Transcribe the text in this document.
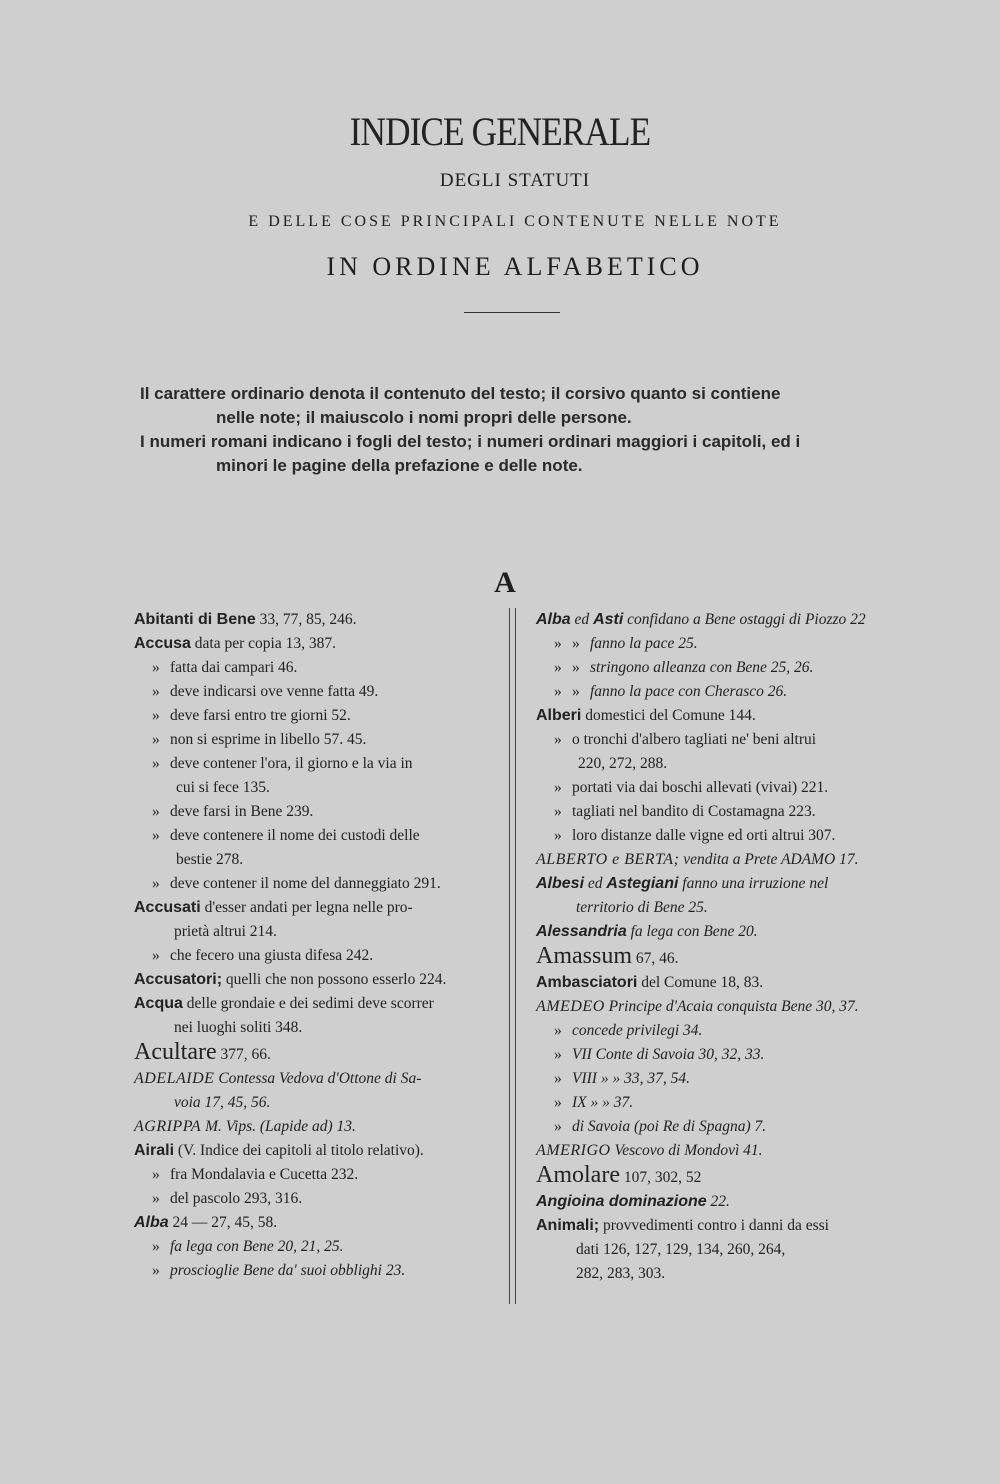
INDICE GENERALE
DEGLI STATUTI
E DELLE COSE PRINCIPALI CONTENUTE NELLE NOTE
IN ORDINE ALFABETICO

Il carattere ordinario denota il contenuto del testo; il corsivo quanto si contiene
nelle note; il maiuscolo i nomi propri delle persone.

I numeri romani indicano i fogli del testo; i numeri ordinari maggiori i capitoli, ed i
minori le pagine della prefazione e delle note.

A
Abitanti di Bene 33, 77, 85, 246.
Accusa data per copia 13, 387.
» fatta dai campari 46.
» deve indicarsi ove venne fatta 49.
» deve farsi entro tre giorni 52.
» non si esprime in libello 57. 45.
» deve contener l'ora, il giorno e la via in
cui si fece 135.
» deve farsi in Bene 239.
» deve contenere il nome dei custodi delle
bestie 278.
» deve contener il nome del danneggiato 291.
Accusati d'esser andati per legna nelle pro-
prietà altrui 214.
» che fecero una giusta difesa 242.
Accusatori; quelli che non possono esserlo 224.
Acqua delle grondaie e dei sedimi deve scorrer
nei luoghi soliti 348.
Acultare 377, 66.
ADELAIDE Contessa Vedova d'Ottone di Sa-
voia 17, 45, 56.
AGRIPPA M. Vips. (Lapide ad) 13.
Airali (V. Indice dei capitoli al titolo relativo).
» fra Mondalavia e Cucetta 232.
» del pascolo 293, 316.
Alba 24 — 27, 45, 58.
» fa lega con Bene 20, 21, 25.
» proscioglie Bene da' suoi obblighi 23.
Alba ed Asti confidano a Bene ostaggi di Piozzo 22
» » fanno la pace 25.
» » stringono alleanza con Bene 25, 26.
» » fanno la pace con Cherasco 26.
Alberi domestici del Comune 144.
» o tronchi d'albero tagliati ne' beni altrui
220, 272, 288.
» portati via dai boschi allevati (vivai) 221.
» tagliati nel bandito di Costamagna 223.
» loro distanze dalle vigne ed orti altrui 307.
ALBERTO e BERTA; vendita a Prete ADAMO 17.
Albesi ed Astegiani fanno una irruzione nel
territorio di Bene 25.
Alessandria fa lega con Bene 20.
Amassum 67, 46.
Ambasciatori del Comune 18, 83.
AMEDEO Principe d'Acaia conquista Bene 30, 37.
» concede privilegi 34.
» VII Conte di Savoia 30, 32, 33.
» VIII » » 33, 37, 54.
» IX » » 37.
» di Savoia (poi Re di Spagna) 7.
AMERIGO Vescovo di Mondovì 41.
Amolare 107, 302, 52
Angioina dominazione 22.
Animali; provvedimenti contro i danni da essi
dati 126, 127, 129, 134, 260, 264,
282, 283, 303.
